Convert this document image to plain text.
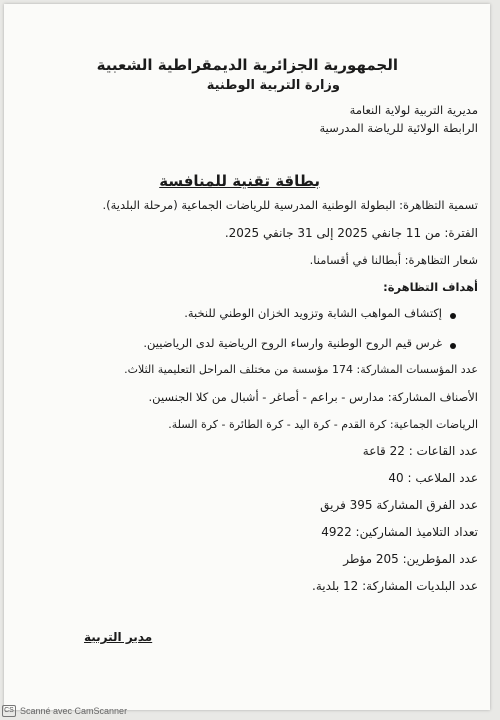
الجمهورية الجزائرية الديمقراطية الشعبية
وزارة التربية الوطنية
مديرية التربية لولاية النعامة
الرابطة الولائية للرياضة المدرسية
بطاقة تقنية للمنافسة
تسمية التظاهرة: البطولة الوطنية المدرسية للرياضات الجماعية (مرحلة البلدية).
الفترة: من 11 جانفي 2025 إلى 31 جانفي 2025.
شعار التظاهرة: أبطالنا في أقسامنا.
أهداف التظاهرة:
إكتشاف المواهب الشابة وتزويد الخزان الوطني للنخبة.
غرس قيم الروح الوطنية وارساء الروح الرياضية لدى الرياضيين.
عدد المؤسسات المشاركة: 174 مؤسسة من مختلف المراحل التعليمية الثلاث.
الأصناف المشاركة: مدارس - براعم - أصاغر - أشبال من كلا الجنسين.
الرياضات الجماعية: كرة القدم - كرة اليد - كرة الطائرة - كرة السلة.
عدد القاعات : 22 قاعة
عدد الملاعب : 40
عدد الفرق المشاركة 395 فريق
تعداد التلاميذ المشاركين: 4922
عدد المؤطرين: 205 مؤطر
عدد البلديات المشاركة: 12 بلدية.
مدير التربية
CS Scanné avec CamScanner
